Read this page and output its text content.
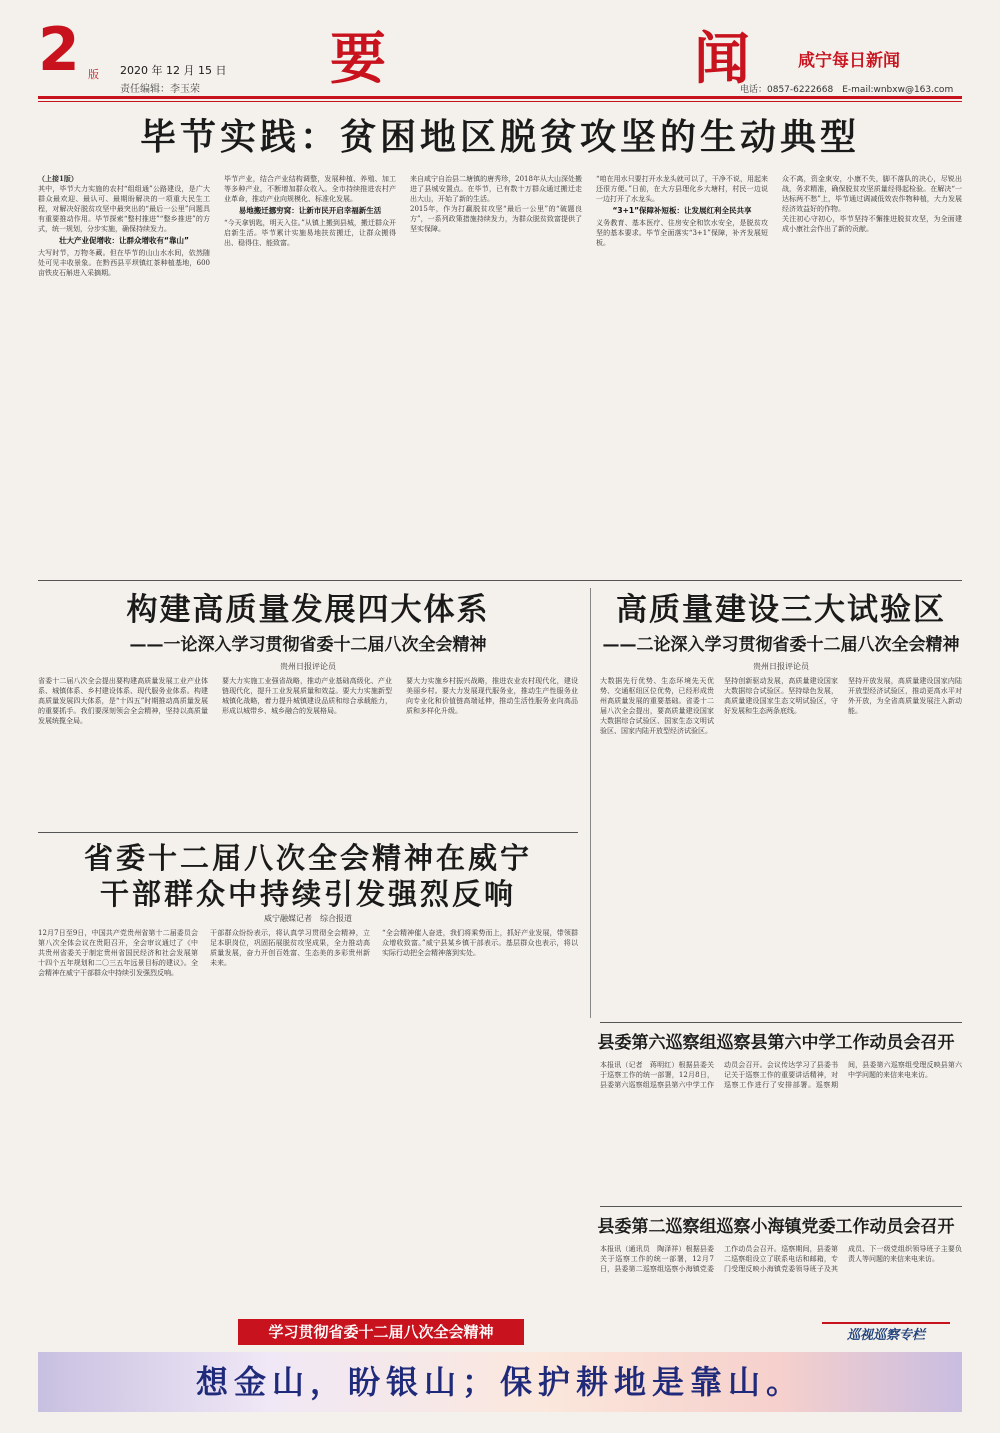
2 版 2020 年 12 月 15 日
责任编辑：李玉荣 要	闻	咸宁每日新闻
电话：0857-6222668　E-mail:wnbxw@163.com
毕节实践：贫困地区脱贫攻坚的生动典型
（上接1版）
其中，毕节大力实施的农村“组组通”公路建设，是广大群众最欢迎、最认可、最期盼解决的一项重大民生工程，对解决好脱贫攻坚中最突出的“最后一公里”问题具有重要推动作用。毕节探索“整村推进”“整乡推进”的方式，统一规划，分步实施，确保持续发力。
壮大产业促增收：让群众增收有“靠山”
大写时节，万物冬藏。但在毕节的山山水水间，依然随处可见丰收景象。在黔西县平坝镇红茶种植基地，600亩铁皮石斛进入采摘期。
毕节产业，结合产业结构调整，发展种植、养殖、加工等多种产业，不断增加群众收入。全市持续推进农村产业革命，推动产业向规模化、标准化发展。
易地搬迁挪穷窝：让新市民开启幸福新生活
“今天拿钥匙，明天入住。”从镇上搬到县城，搬迁群众开启新生活。毕节累计实施易地扶贫搬迁，让群众搬得出、稳得住、能致富。
来自咸宁自治县二塘镇的唐秀珍，2018年从大山深处搬进了县城安置点。在毕节，已有数十万群众通过搬迁走出大山，开始了新的生活。
2015年，作为打赢脱贫攻坚“最后一公里”的“破题良方”，一系列政策措施持续发力，为群众脱贫致富提供了坚实保障。
“咱在用水只要打开水龙头就可以了，干净不说，用起来还很方便。”日前，在大方县理化乡大塘村，村民一边说一边打开了水龙头。
“3+1”保障补短板：让发展红利全民共享
义务教育、基本医疗、住房安全和饮水安全，是脱贫攻坚的基本要求。毕节全面落实“3+1”保障，补齐发展短板。
众不离，资金束安，小康不失，脚不落队的决心，尽锐出战，务求精准，确保脱贫攻坚质量经得起检验。在解决“一达标两不愁”上，毕节通过调减低效农作物种植，大力发展经济效益好的作物。
关注初心守初心，毕节坚持不懈推进脱贫攻坚，为全面建成小康社会作出了新的贡献。
构建高质量发展四大体系
——一论深入学习贯彻省委十二届八次全会精神
贵州日报评论员
省委十二届八次全会提出要构建高质量发展工业产业体系、城镇体系、乡村建设体系、现代服务业体系。构建高质量发展四大体系，是“十四五”时期推动高质量发展的重要抓手。我们要深刻领会全会精神，坚持以高质量发展统揽全局。
要大力实施工业强省战略，推动产业基础高级化、产业链现代化，提升工业发展质量和效益。要大力实施新型城镇化战略，着力提升城镇建设品质和综合承载能力，形成以城带乡、城乡融合的发展格局。
要大力实施乡村振兴战略，推进农业农村现代化，建设美丽乡村。要大力发展现代服务业，推动生产性服务业向专业化和价值链高端延伸，推动生活性服务业向高品质和多样化升级。
高质量建设三大试验区
——二论深入学习贯彻省委十二届八次全会精神
贵州日报评论员
大数据先行优势、生态环境先天优势、交通枢纽区位优势，已经形成贵州高质量发展的重要基础。省委十二届八次全会提出，要高质量建设国家大数据综合试验区、国家生态文明试验区、国家内陆开放型经济试验区。
坚持创新驱动发展，高质量建设国家大数据综合试验区。坚持绿色发展，高质量建设国家生态文明试验区，守好发展和生态两条底线。
坚持开放发展，高质量建设国家内陆开放型经济试验区，推动更高水平对外开放，为全省高质量发展注入新动能。
省委十二届八次全会精神在威宁
干部群众中持续引发强烈反响
威宁融媒记者　综合报道
12月7日至9日，中国共产党贵州省第十二届委员会第八次全体会议在贵阳召开，全会审议通过了《中共贵州省委关于制定贵州省国民经济和社会发展第十四个五年规划和二〇三五年远景目标的建议》。全会精神在威宁干部群众中持续引发强烈反响。
干部群众纷纷表示，将认真学习贯彻全会精神，立足本职岗位，巩固拓展脱贫攻坚成果，全力推动高质量发展，奋力开创百姓富、生态美的多彩贵州新未来。
“全会精神催人奋进，我们将乘势而上，抓好产业发展，带领群众增收致富。”威宁县某乡镇干部表示。基层群众也表示，将以实际行动把全会精神落到实处。
学习贯彻省委十二届八次全会精神
县委第六巡察组巡察县第六中学工作动员会召开
本报讯（记者　蒋明红）根据县委关于巡察工作的统一部署，12月8日，县委第六巡察组巡察县第六中学工作动员会召开。会议传达学习了县委书记关于巡察工作的重要讲话精神，对巡察工作进行了安排部署。巡察期间，县委第六巡察组受理反映县第六中学问题的来信来电来访。
县委第二巡察组巡察小海镇党委工作动员会召开
本报讯（通讯员　陶泽祥）根据县委关于巡察工作的统一部署，12月7日，县委第二巡察组巡察小海镇党委工作动员会召开。巡察期间，县委第二巡察组设立了联系电话和邮箱，专门受理反映小海镇党委领导班子及其成员、下一级党组织领导班子主要负责人等问题的来信来电来访。
巡视巡察专栏
想金山，盼银山；保护耕地是靠山。
